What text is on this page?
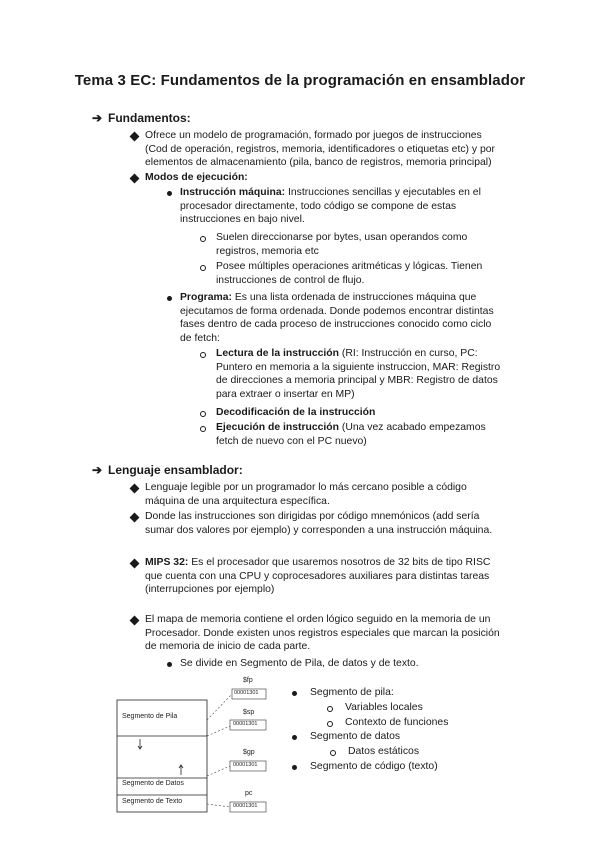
Tema 3 EC: Fundamentos de la programación en ensamblador
➔ Fundamentos:
Ofrece un modelo de programación, formado por juegos de instrucciones
(Cod de operación, registros, memoria, identificadores o etiquetas etc) y por
elementos de almacenamiento (pila, banco de registros, memoria principal)
Modos de ejecución:
Instrucción máquina: Instrucciones sencillas y ejecutables en el
procesador directamente, todo código se compone de estas
instrucciones en bajo nivel.
Suelen direccionarse por bytes, usan operandos como
registros, memoria etc
Posee múltiples operaciones aritméticas y lógicas. Tienen
instrucciones de control de flujo.
Programa: Es una lista ordenada de instrucciones máquina que
ejecutamos de forma ordenada. Donde podemos encontrar distintas
fases dentro de cada proceso de instrucciones conocido como ciclo
de fetch:
Lectura de la instrucción (RI: Instrucción en curso, PC:
Puntero en memoria a la siguiente instruccion, MAR: Registro
de direcciones a memoria principal y MBR: Registro de datos
para extraer o insertar en MP)
Decodificación de la instrucción
Ejecución de instrucción (Una vez acabado empezamos
fetch de nuevo con el PC nuevo)
➔ Lenguaje ensamblador:
Lenguaje legible por un programador lo más cercano posible a código
máquina de una arquitectura específica.
Donde las instrucciones son dirigidas por código mnemónicos (add sería
sumar dos valores por ejemplo) y corresponden a una instrucción máquina.
MIPS 32: Es el procesador que usaremos nosotros de 32 bits de tipo RISC
que cuenta con una CPU y coprocesadores auxiliares para distintas tareas
(interrupciones por ejemplo)
El mapa de memoria contiene el orden lógico seguido en la memoria de un
Procesador. Donde existen unos registros especiales que marcan la posición
de memoria de inicio de cada parte.
Se divide en Segmento de Pila, de datos y de texto.
Segmento de Pila
Segmento de Datos
Segmento de Texto
$fp
00001301
$sp
00001301
$gp
00001301
pc
00001301
Segmento de pila:
Variables locales
Contexto de funciones
Segmento de datos
Datos estáticos
Segmento de código (texto)
